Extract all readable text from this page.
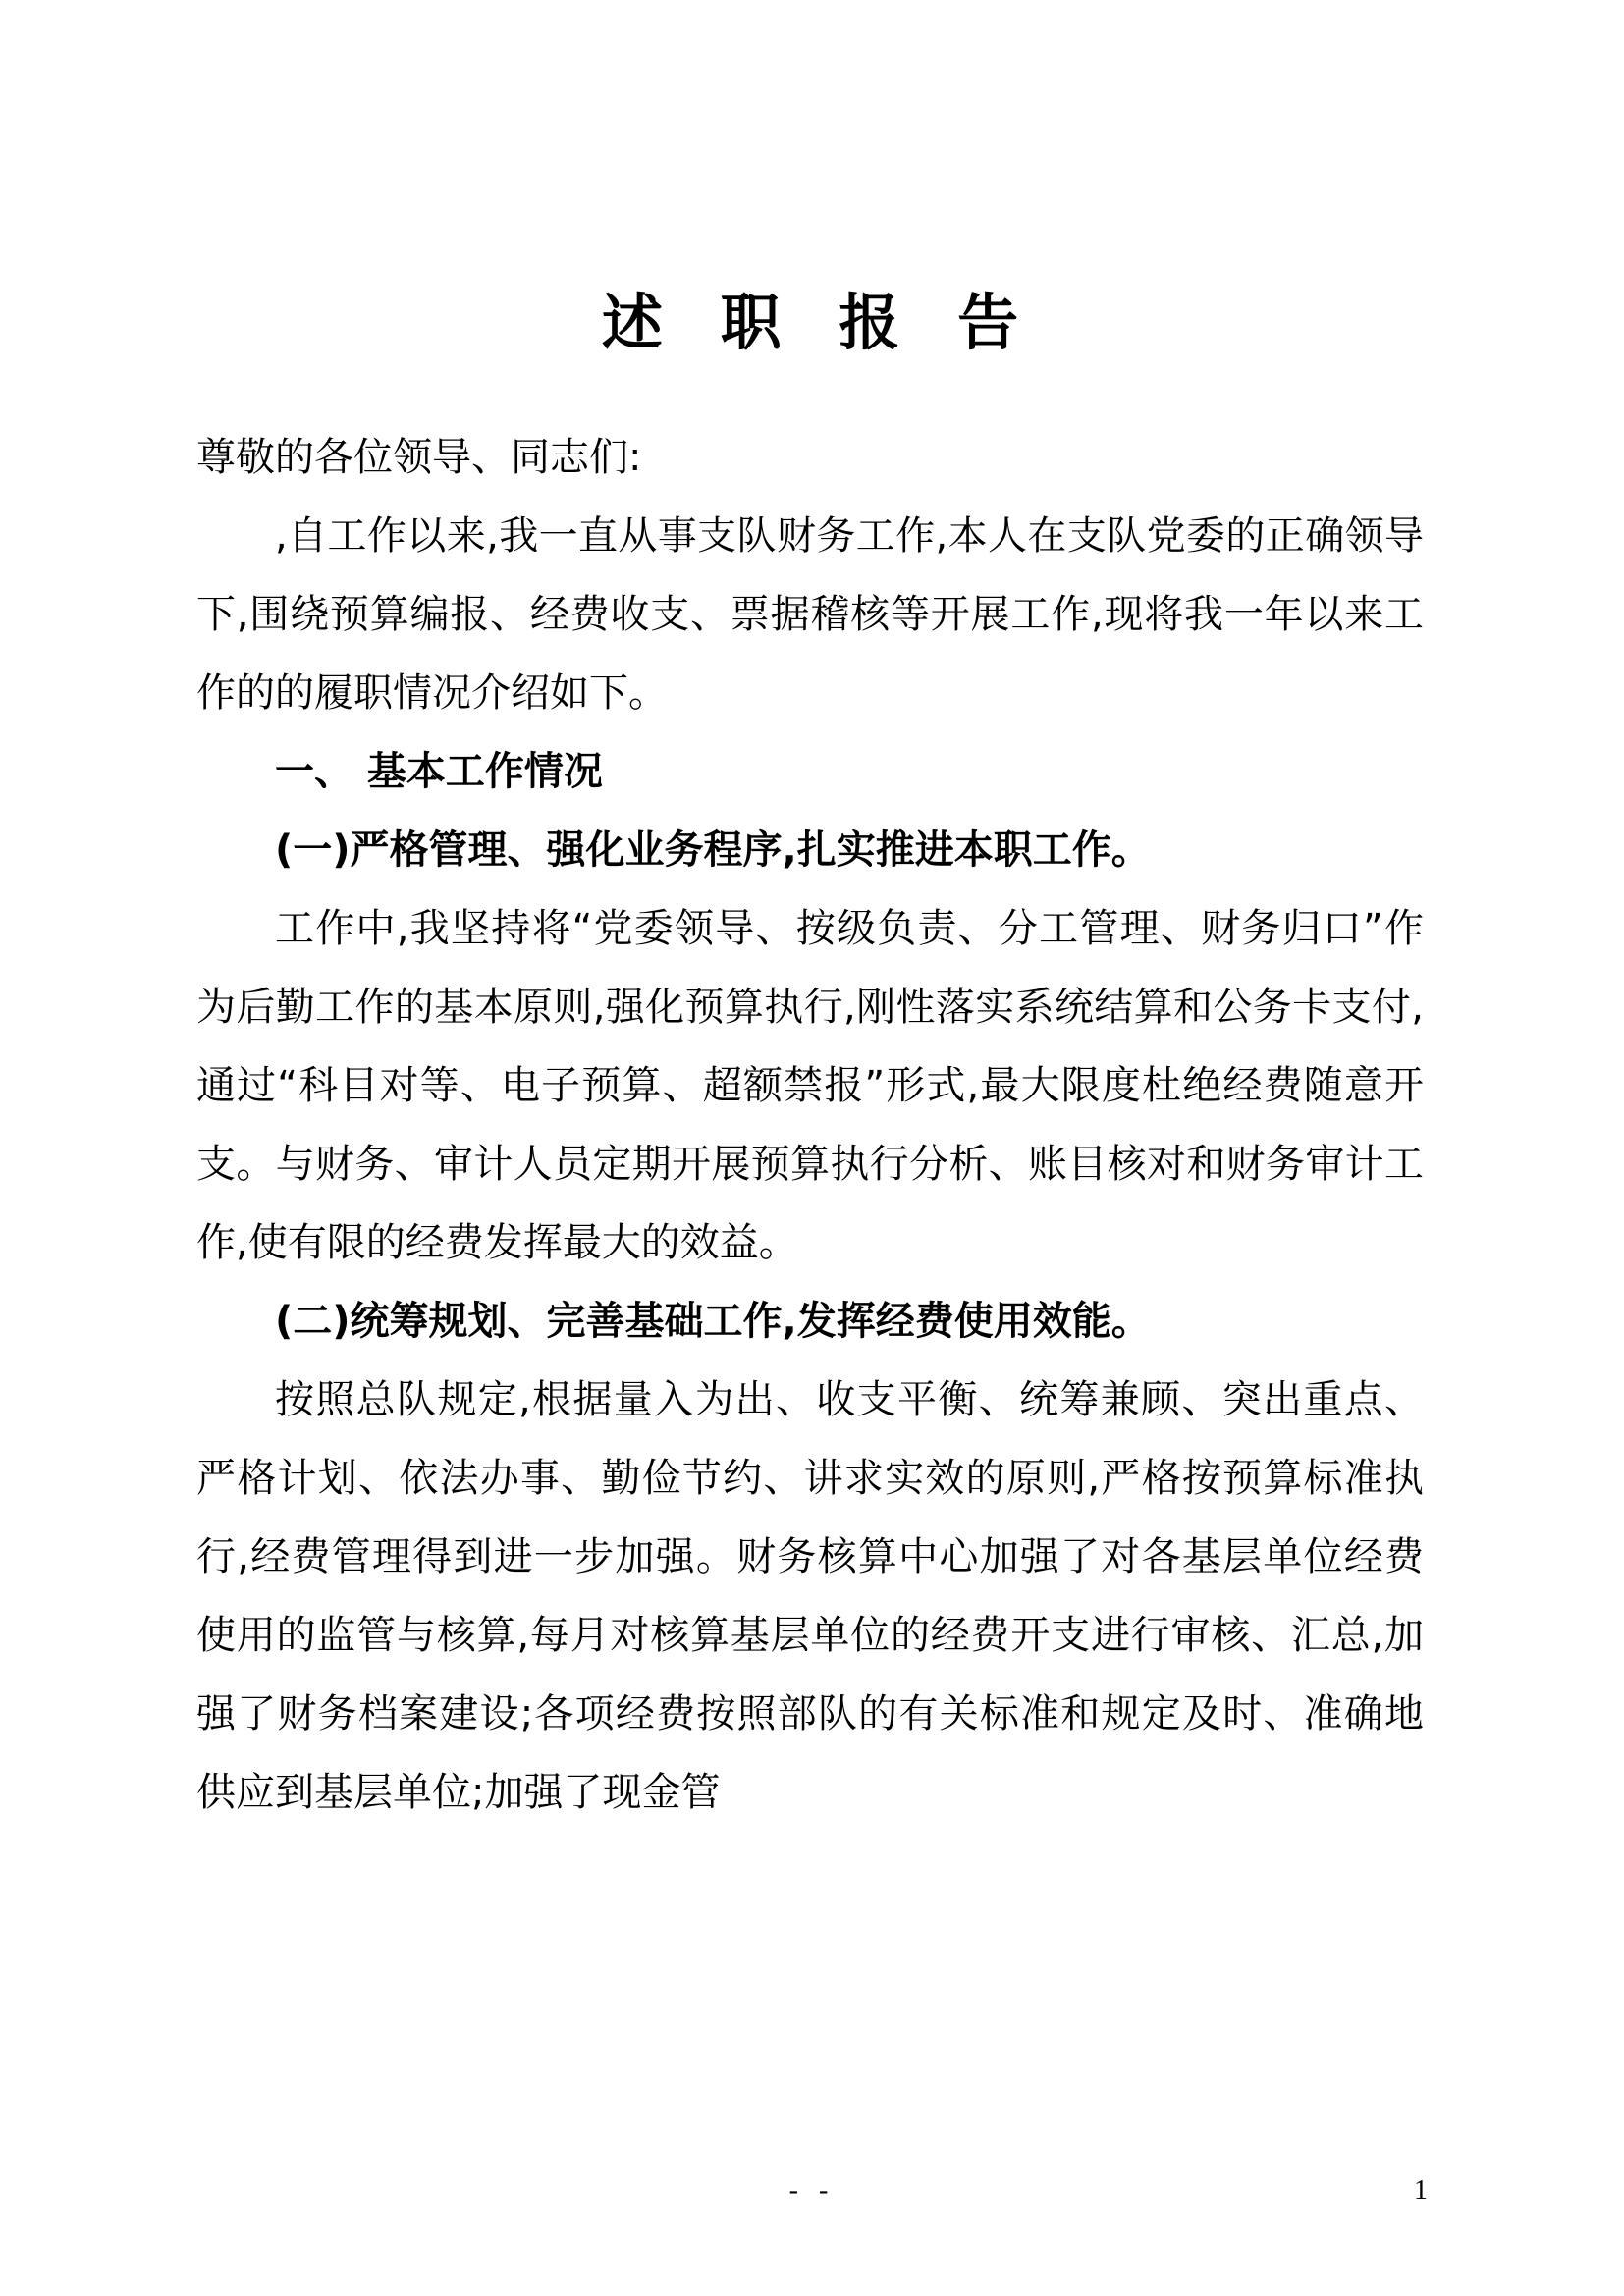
述 职 报 告

尊敬的各位领导、同志们:

,自工作以来,我一直从事支队财务工作,本人在支队党委的正确领导下,围绕预算编报、经费收支、票据稽核等开展工作,现将我一年以来工作的的履职情况介绍如下。

一、 基本工作情况

(一)严格管理、强化业务程序,扎实推进本职工作。

工作中,我坚持将“党委领导、按级负责、分工管理、财务归口”作为后勤工作的基本原则,强化预算执行,刚性落实系统结算和公务卡支付,通过“科目对等、电子预算、超额禁报”形式,最大限度杜绝经费随意开支。与财务、审计人员定期开展预算执行分析、账目核对和财务审计工作,使有限的经费发挥最大的效益。

(二)统筹规划、完善基础工作,发挥经费使用效能。

按照总队规定,根据量入为出、收支平衡、统筹兼顾、突出重点、严格计划、依法办事、勤俭节约、讲求实效的原则,严格按预算标准执行,经费管理得到进一步加强。财务核算中心加强了对各基层单位经费使用的监管与核算,每月对核算基层单位的经费开支进行审核、汇总,加强了财务档案建设;各项经费按照部队的有关标准和规定及时、准确地供应到基层单位;加强了现金管

- -	1
